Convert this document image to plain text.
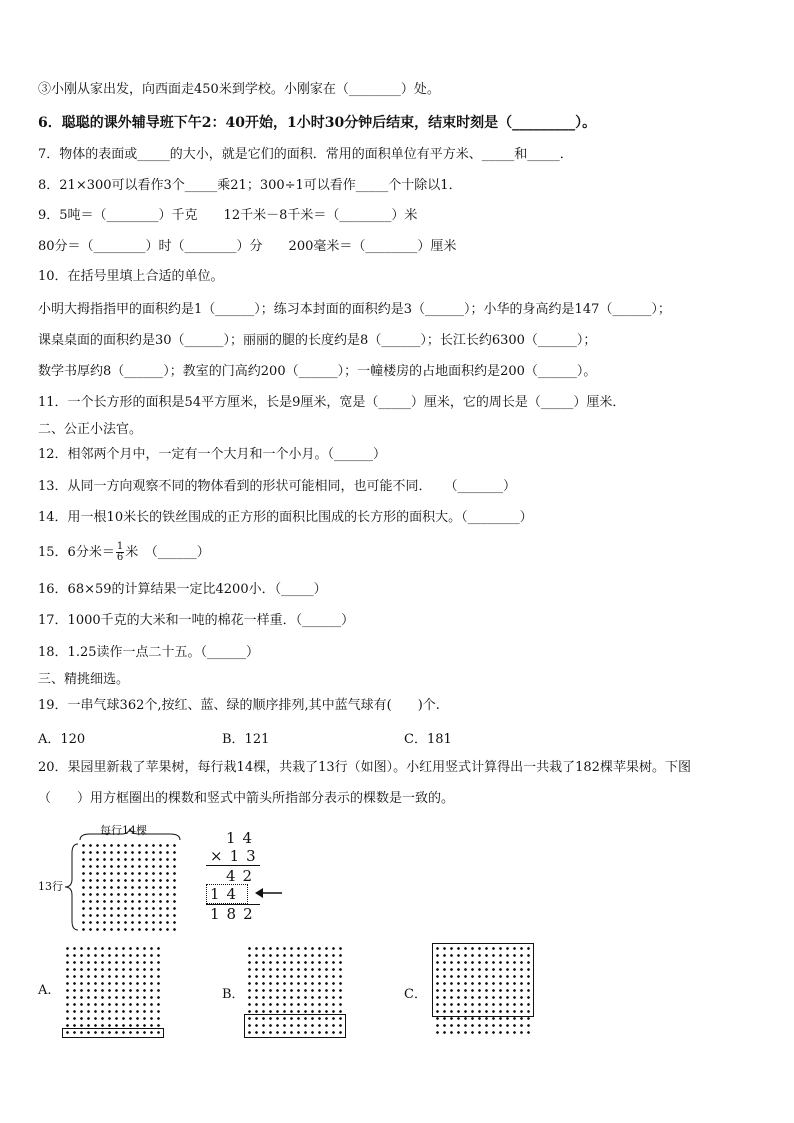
③小刚从家出发，向西面走450米到学校。小刚家在（________）处。
6．聪聪的课外辅导班下午2：40开始，1小时30分钟后结束，结束时刻是（_________）。
7．物体的表面或_____的大小，就是它们的面积．常用的面积单位有平方米、_____和_____．
8．21×300可以看作3个_____乘21；300÷1可以看作_____个十除以1．
9．5吨＝（________）千克　　12千米－8千米＝（________）米
80分＝（________）时（________）分　　200毫米＝（________）厘米
10．在括号里填上合适的单位。
小明大拇指指甲的面积约是1（______）；练习本封面的面积约是3（______）；小华的身高约是147（______）；
课桌桌面的面积约是30（______）；丽丽的腿的长度约是8（______）；长江长约6300（______）；
数学书厚约8（______）；教室的门高约200（______）；一幢楼房的占地面积约是200（______）。
11．一个长方形的面积是54平方厘米，长是9厘米，宽是（_____）厘米，它的周长是（_____）厘米．
二、公正小法官。
12．相邻两个月中，一定有一个大月和一个小月。（______）
13．从同一方向观察不同的物体看到的形状可能相同，也可能不同．　　（_______）
14．用一根10米长的铁丝围成的正方形的面积比围成的长方形的面积大。（________）
15．6分米＝ $\frac{1}{6}$ 米　（______）
16．68×59的计算结果一定比4200小．（_____）
17．1000千克的大米和一吨的棉花一样重．（______）
18．1.25读作一点二十五。（______）
三、精挑细选。
19．一串气球362个,按红、蓝、绿的顺序排列,其中蓝气球有(　　)个.
A．120	B．121	C．181
20．果园里新栽了苹果树，每行栽14棵，共栽了13行（如图）。小红用竖式计算得出一共栽了182棵苹果树。下图
（　　）用方框圈出的棵数和竖式中箭头所指部分表示的棵数是一致的。
每行14棵
13行
14
×13
42
14
182
A.	B．	C．
